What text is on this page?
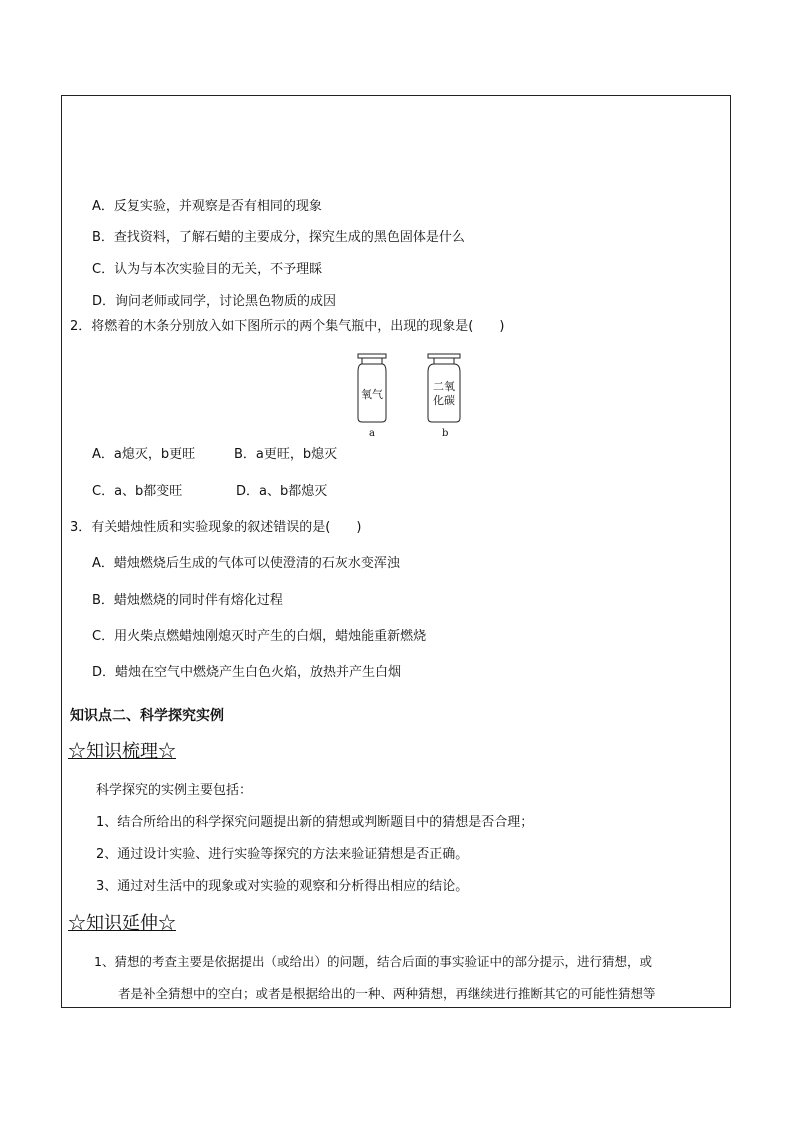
A．反复实验，并观察是否有相同的现象
B．查找资料，了解石蜡的主要成分，探究生成的黑色固体是什么
C．认为与本次实验目的无关，不予理睬
D．询问老师或同学，讨论黑色物质的成因
2．将燃着的木条分别放入如下图所示的两个集气瓶中，出现的现象是(　　)
氧气
二氧
化碳
a	b
A．a熄灭，b更旺	B．a更旺，b熄灭
C．a、b都变旺	D．a、b都熄灭
3．有关蜡烛性质和实验现象的叙述错误的是(　　)
A．蜡烛燃烧后生成的气体可以使澄清的石灰水变浑浊
B．蜡烛燃烧的同时伴有熔化过程
C．用火柴点燃蜡烛刚熄灭时产生的白烟，蜡烛能重新燃烧
D．蜡烛在空气中燃烧产生白色火焰，放热并产生白烟
知识点二、科学探究实例
☆知识梳理☆
科学探究的实例主要包括：
1、结合所给出的科学探究问题提出新的猜想或判断题目中的猜想是否合理；
2、通过设计实验、进行实验等探究的方法来验证猜想是否正确。
3、通过对生活中的现象或对实验的观察和分析得出相应的结论。
☆知识延伸☆
1、猜想的考查主要是依据提出（或给出）的问题，结合后面的事实验证中的部分提示，进行猜想，或
者是补全猜想中的空白；或者是根据给出的一种、两种猜想，再继续进行推断其它的可能性猜想等
